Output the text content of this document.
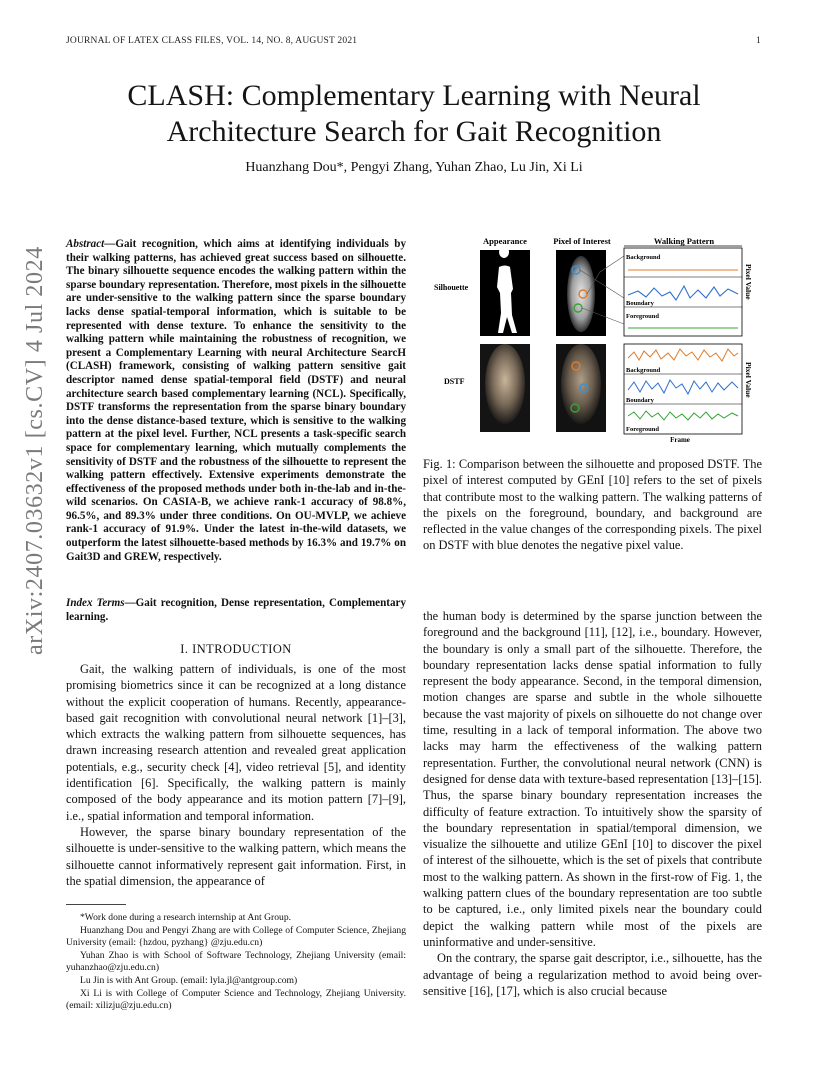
JOURNAL OF LATEX CLASS FILES, VOL. 14, NO. 8, AUGUST 2021	1
arXiv:2407.03632v1 [cs.CV] 4 Jul 2024
CLASH: Complementary Learning with Neural
Architecture Search for Gait Recognition
Huanzhang Dou*, Pengyi Zhang, Yuhan Zhao, Lu Jin, Xi Li
Abstract—Gait recognition, which aims at identifying individuals by their walking patterns, has achieved great success based on silhouette. The binary silhouette sequence encodes the walking pattern within the sparse boundary representation. Therefore, most pixels in the silhouette are under-sensitive to the walking pattern since the sparse boundary lacks dense spatial-temporal information, which is suitable to be represented with dense texture. To enhance the sensitivity to the walking pattern while maintaining the robustness of recognition, we present a Complementary Learning with neural Architecture SearcH (CLASH) framework, consisting of walking pattern sensitive gait descriptor named dense spatial-temporal field (DSTF) and neural architecture search based complementary learning (NCL). Specifically, DSTF transforms the representation from the sparse binary boundary into the dense distance-based texture, which is sensitive to the walking pattern at the pixel level. Further, NCL presents a task-specific search space for complementary learning, which mutually complements the sensitivity of DSTF and the robustness of the silhouette to represent the walking pattern effectively. Extensive experiments demonstrate the effectiveness of the proposed methods under both in-the-lab and in-the-wild scenarios. On CASIA-B, we achieve rank-1 accuracy of 98.8%, 96.5%, and 89.3% under three conditions. On OU-MVLP, we achieve rank-1 accuracy of 91.9%. Under the latest in-the-wild datasets, we outperform the latest silhouette-based methods by 16.3% and 19.7% on Gait3D and GREW, respectively.
Index Terms—Gait recognition, Dense representation, Complementary learning.
I. INTRODUCTION

Gait, the walking pattern of individuals, is one of the most promising biometrics since it can be recognized at a long distance without the explicit cooperation of humans. Recently, appearance-based gait recognition with convolutional neural network [1]–[3], which extracts the walking pattern from silhouette sequences, has drawn increasing research attention and revealed great application potentials, e.g., security check [4], video retrieval [5], and identity identification [6]. Specifically, the walking pattern is mainly composed of the body appearance and its motion pattern [7]–[9], i.e., spatial information and temporal information.

However, the sparse binary boundary representation of the silhouette is under-sensitive to the walking pattern, which means the silhouette cannot informatively represent gait information. First, in the spatial dimension, the appearance of

*Work done during a research internship at Ant Group.

Huanzhang Dou and Pengyi Zhang are with College of Computer Science, Zhejiang University (email: {hzdou, pyzhang} @zju.edu.cn)

Yuhan Zhao is with School of Software Technology, Zhejiang University (email: yuhanzhao@zju.edu.cn)

Lu Jin is with Ant Group. (email: lyla.jl@antgroup.com)

Xi Li is with College of Computer Science and Technology, Zhejiang University. (email: xilizju@zju.edu.cn)

Appearance	Pixel of Interest	Walking Pattern
Silhouette
DSTF
Background
Boundary
Foreground
Pixel Value
Background
Boundary
Foreground
Pixel Value
Frame
Fig. 1: Comparison between the silhouette and proposed DSTF. The pixel of interest computed by GEnI [10] refers to the set of pixels that contribute most to the walking pattern. The walking patterns of the pixels on the foreground, boundary, and background are reflected in the value changes of the corresponding pixels. The pixel on DSTF with blue denotes the negative pixel value.

the human body is determined by the sparse junction between the foreground and the background [11], [12], i.e., boundary. However, the boundary is only a small part of the silhouette. Therefore, the boundary representation lacks dense spatial information to fully represent the body appearance. Second, in the temporal dimension, motion changes are sparse and subtle in the whole silhouette because the vast majority of pixels on silhouette do not change over time, resulting in a lack of temporal information. The above two lacks may harm the effectiveness of the walking pattern representation. Further, the convolutional neural network (CNN) is designed for dense data with texture-based representation [13]–[15]. Thus, the sparse binary boundary representation increases the difficulty of feature extraction. To intuitively show the sparsity of the boundary representation in spatial/temporal dimension, we visualize the silhouette and utilize GEnI [10] to discover the pixel of interest of the silhouette, which is the set of pixels that contribute most to the walking pattern. As shown in the first-row of Fig. 1, the walking pattern clues of the boundary representation are too subtle to be captured, i.e., only limited pixels near the boundary could depict the walking pattern while most of the pixels are uninformative and under-sensitive.

On the contrary, the sparse gait descriptor, i.e., silhouette, has the advantage of being a regularization method to avoid being over-sensitive [16], [17], which is also crucial because
